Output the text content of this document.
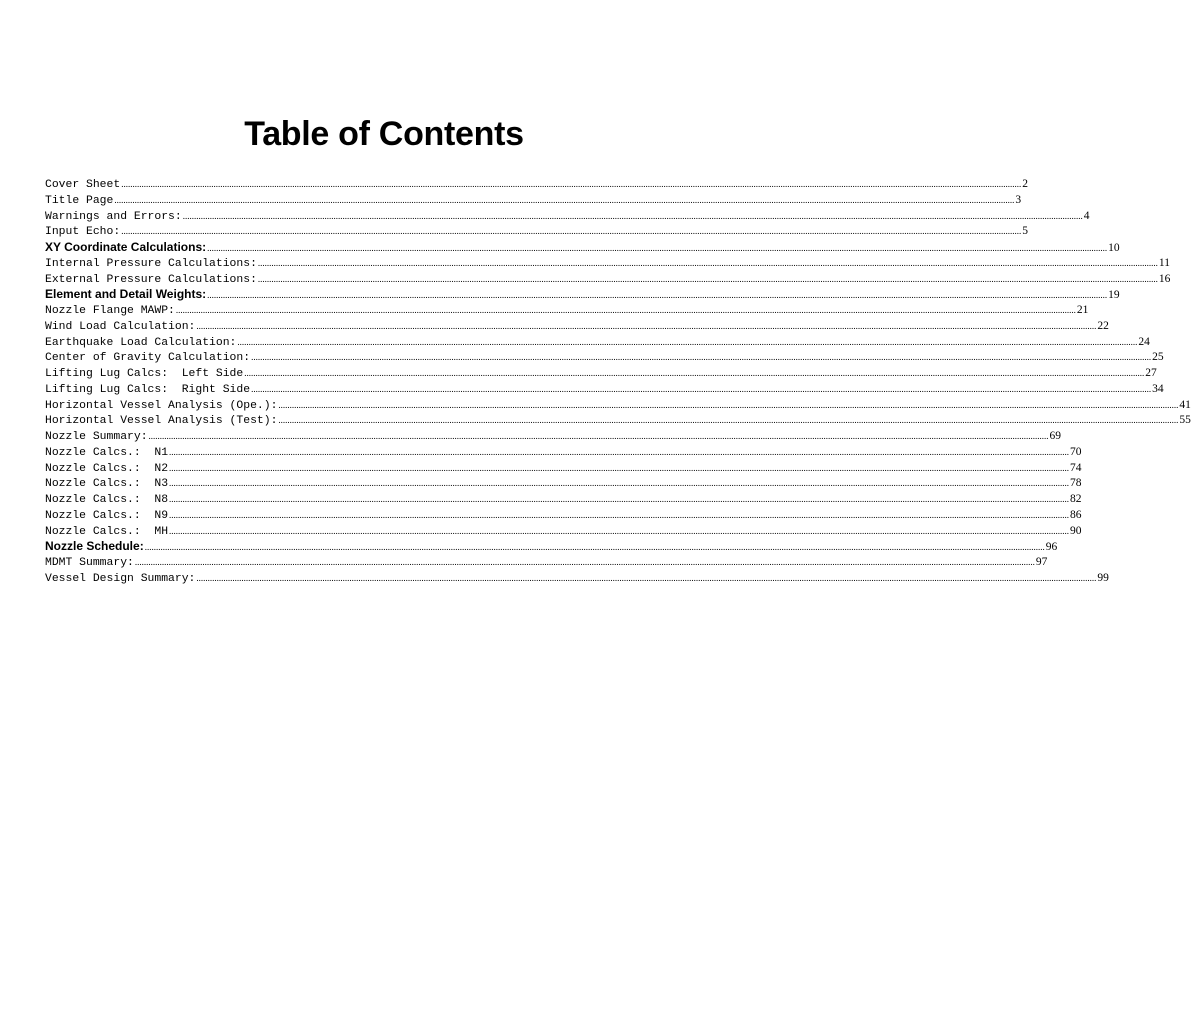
Table of Contents
Cover Sheet ................................................................................................................................................................................................................................................................................................................................................................................................................ 2
Title Page ................................................................................................................................................................................................................................................................................................................................................................................................................ 3
Warnings and Errors: ................................................................................................................................................................................................................................................................................................................................................................................................................ 4
Input Echo: ................................................................................................................................................................................................................................................................................................................................................................................................................ 5
XY Coordinate Calculations: ................................................................................................................................................................................................................................................................................................................................................................................................................ 10
Internal Pressure Calculations: ................................................................................................................................................................................................................................................................................................................................................................................................................ 11
External Pressure Calculations: ................................................................................................................................................................................................................................................................................................................................................................................................................ 16
Element and Detail Weights: ................................................................................................................................................................................................................................................................................................................................................................................................................ 19
Nozzle Flange MAWP: ................................................................................................................................................................................................................................................................................................................................................................................................................ 21
Wind Load Calculation: ................................................................................................................................................................................................................................................................................................................................................................................................................ 22
Earthquake Load Calculation: ................................................................................................................................................................................................................................................................................................................................................................................................................ 24
Center of Gravity Calculation: ................................................................................................................................................................................................................................................................................................................................................................................................................ 25
Lifting Lug Calcs:  Left Side ................................................................................................................................................................................................................................................................................................................................................................................................................ 27
Lifting Lug Calcs:  Right Side ................................................................................................................................................................................................................................................................................................................................................................................................................ 34
Horizontal Vessel Analysis (Ope.): ................................................................................................................................................................................................................................................................................................................................................................................................................ 41
Horizontal Vessel Analysis (Test): ................................................................................................................................................................................................................................................................................................................................................................................................................ 55
Nozzle Summary: ................................................................................................................................................................................................................................................................................................................................................................................................................ 69
Nozzle Calcs.:  N1 ................................................................................................................................................................................................................................................................................................................................................................................................................ 70
Nozzle Calcs.:  N2 ................................................................................................................................................................................................................................................................................................................................................................................................................ 74
Nozzle Calcs.:  N3 ................................................................................................................................................................................................................................................................................................................................................................................................................ 78
Nozzle Calcs.:  N8 ................................................................................................................................................................................................................................................................................................................................................................................................................ 82
Nozzle Calcs.:  N9 ................................................................................................................................................................................................................................................................................................................................................................................................................ 86
Nozzle Calcs.:  MH ................................................................................................................................................................................................................................................................................................................................................................................................................ 90
Nozzle Schedule: ................................................................................................................................................................................................................................................................................................................................................................................................................ 96
MDMT Summary: ................................................................................................................................................................................................................................................................................................................................................................................................................ 97
Vessel Design Summary: ................................................................................................................................................................................................................................................................................................................................................................................................................ 99
